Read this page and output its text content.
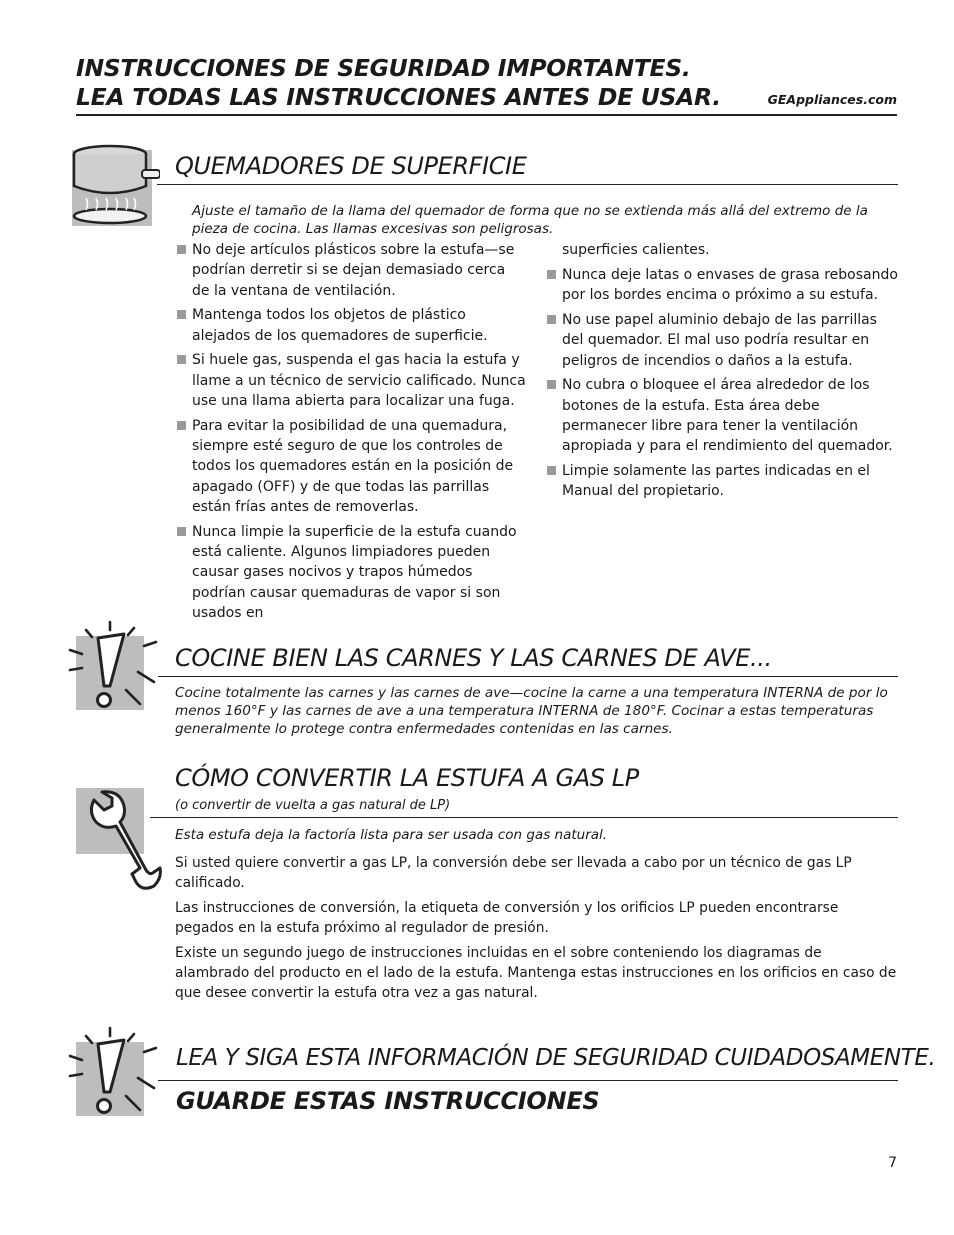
INSTRUCCIONES DE SEGURIDAD IMPORTANTES.
LEA TODAS LAS INSTRUCCIONES ANTES DE USAR.	GEAppliances.com
QUEMADORES DE SUPERFICIE
Ajuste el tamaño de la llama del quemador de forma que no se extienda más allá del extremo de la pieza de cocina. Las llamas excesivas son peligrosas.
No deje artículos plásticos sobre la estufa—se podrían derretir si se dejan demasiado cerca de la ventana de ventilación.
Mantenga todos los objetos de plástico alejados de los quemadores de superficie.
Si huele gas, suspenda el gas hacia la estufa y llame a un técnico de servicio calificado. Nunca use una llama abierta para localizar una fuga.
Para evitar la posibilidad de una quemadura, siempre esté seguro de que los controles de todos los quemadores están en la posición de apagado (OFF) y de que todas las parrillas están frías antes de removerlas.
Nunca limpie la superficie de la estufa cuando está caliente. Algunos limpiadores pueden causar gases nocivos y trapos húmedos podrían causar quemaduras de vapor si son usados en
superficies calientes.
Nunca deje latas o envases de grasa rebosando por los bordes encima o próximo a su estufa.
No use papel aluminio debajo de las parrillas del quemador. El mal uso podría resultar en peligros de incendios o daños a la estufa.
No cubra o bloquee el área alrededor de los botones de la estufa. Esta área debe permanecer libre para tener la ventilación apropiada y para el rendimiento del quemador.
Limpie solamente las partes indicadas en el Manual del propietario.
COCINE BIEN LAS CARNES Y LAS CARNES DE AVE...
Cocine totalmente las carnes y las carnes de ave—cocine la carne a una temperatura INTERNA de por lo menos 160°F y las carnes de ave a una temperatura INTERNA de 180°F. Cocinar a estas temperaturas generalmente lo protege contra enfermedades contenidas en las carnes.
CÓMO CONVERTIR LA ESTUFA A GAS LP
(o convertir de vuelta a gas natural de LP)
Esta estufa deja la factoría lista para ser usada con gas natural.

Si usted quiere convertir a gas LP, la conversión debe ser llevada a cabo por un técnico de gas LP calificado.

Las instrucciones de conversión, la etiqueta de conversión y los orificios LP pueden encontrarse pegados en la estufa próximo al regulador de presión.

Existe un segundo juego de instrucciones incluidas en el sobre conteniendo los diagramas de alambrado del producto en el lado de la estufa. Mantenga estas instrucciones en los orificios en caso de que desee convertir la estufa otra vez a gas natural.

LEA Y SIGA ESTA INFORMACIÓN DE SEGURIDAD CUIDADOSAMENTE.
GUARDE ESTAS INSTRUCCIONES
7
